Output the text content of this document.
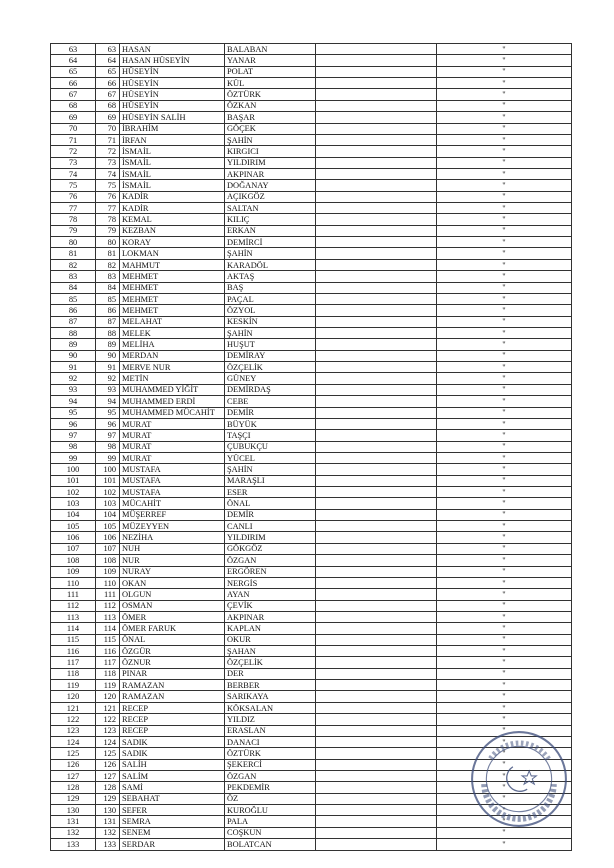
63	63	HASAN	BALABAN		"
64	64	HASAN HÜSEYİN	YANAR		"
65	65	HÜSEYİN	POLAT		"
66	66	HÜSEYİN	KÜL		"
67	67	HÜSEYİN	ÖZTÜRK		"
68	68	HÜSEYİN	ÖZKAN		"
69	69	HÜSEYİN SALİH	BAŞAR		"
70	70	İBRAHİM	GÖÇEK		"
71	71	İRFAN	ŞAHİN		"
72	72	İSMAİL	KIRGICI		"
73	73	İSMAİL	YILDIRIM		"
74	74	İSMAİL	AKPINAR		"
75	75	İSMAİL	DOĞANAY		"
76	76	KADİR	AÇIKGÖZ		"
77	77	KADİR	SALTAN		"
78	78	KEMAL	KILIÇ		"
79	79	KEZBAN	ERKAN		"
80	80	KORAY	DEMİRCİ		"
81	81	LOKMAN	ŞAHİN		"
82	82	MAHMUT	KARADÖL		"
83	83	MEHMET	AKTAŞ		"
84	84	MEHMET	BAŞ		"
85	85	MEHMET	PAÇAL		"
86	86	MEHMET	ÖZYOL		"
87	87	MELAHAT	KESKİN		"
88	88	MELEK	ŞAHİN		"
89	89	MELİHA	HUŞUT		"
90	90	MERDAN	DEMİRAY		"
91	91	MERVE NUR	ÖZÇELİK		"
92	92	METİN	GÜNEY		"
93	93	MUHAMMED YİĞİT	DEMİRDAŞ		"
94	94	MUHAMMED ERDİ	CEBE		"
95	95	MUHAMMED MÜCAHİT	DEMİR		"
96	96	MURAT	BÜYÜK		"
97	97	MURAT	TAŞÇI		"
98	98	MURAT	ÇUBUKÇU		"
99	99	MURAT	YÜCEL		"
100	100	MUSTAFA	ŞAHİN		"
101	101	MUSTAFA	MARAŞLI		"
102	102	MUSTAFA	ESER		"
103	103	MÜCAHİT	ÖNAL		"
104	104	MÜŞERREF	DEMİR		"
105	105	MÜZEYYEN	CANLI		"
106	106	NEZİHA	YILDIRIM		"
107	107	NUH	GÖKGÖZ		"
108	108	NUR	ÖZGAN		"
109	109	NURAY	ERGÖREN		"
110	110	OKAN	NERGİS		"
111	111	OLGUN	AYAN		"
112	112	OSMAN	ÇEVİK		"
113	113	ÖMER	AKPINAR		"
114	114	ÖMER FARUK	KAPLAN		"
115	115	ÖNAL	OKUR		"
116	116	ÖZGÜR	ŞAHAN		"
117	117	ÖZNUR	ÖZÇELİK		"
118	118	PINAR	DER		"
119	119	RAMAZAN	BERBER		"
120	120	RAMAZAN	SARIKAYA		"
121	121	RECEP	KÖKSALAN		"
122	122	RECEP	YILDIZ		"
123	123	RECEP	ERASLAN		"
124	124	SADIK	DANACI		"
125	125	SADIK	ÖZTÜRK		"
126	126	SALİH	ŞEKERCİ		"
127	127	SALİM	ÖZGAN		"
128	128	SAMİ	PEKDEMİR		"
129	129	SEBAHAT	ÖZ		"
130	130	SEFER	KUROĞLU		"
131	131	SEMRA	PALA		"
132	132	SENEM	COŞKUN		"
133	133	SERDAR	BOLATCAN		"
